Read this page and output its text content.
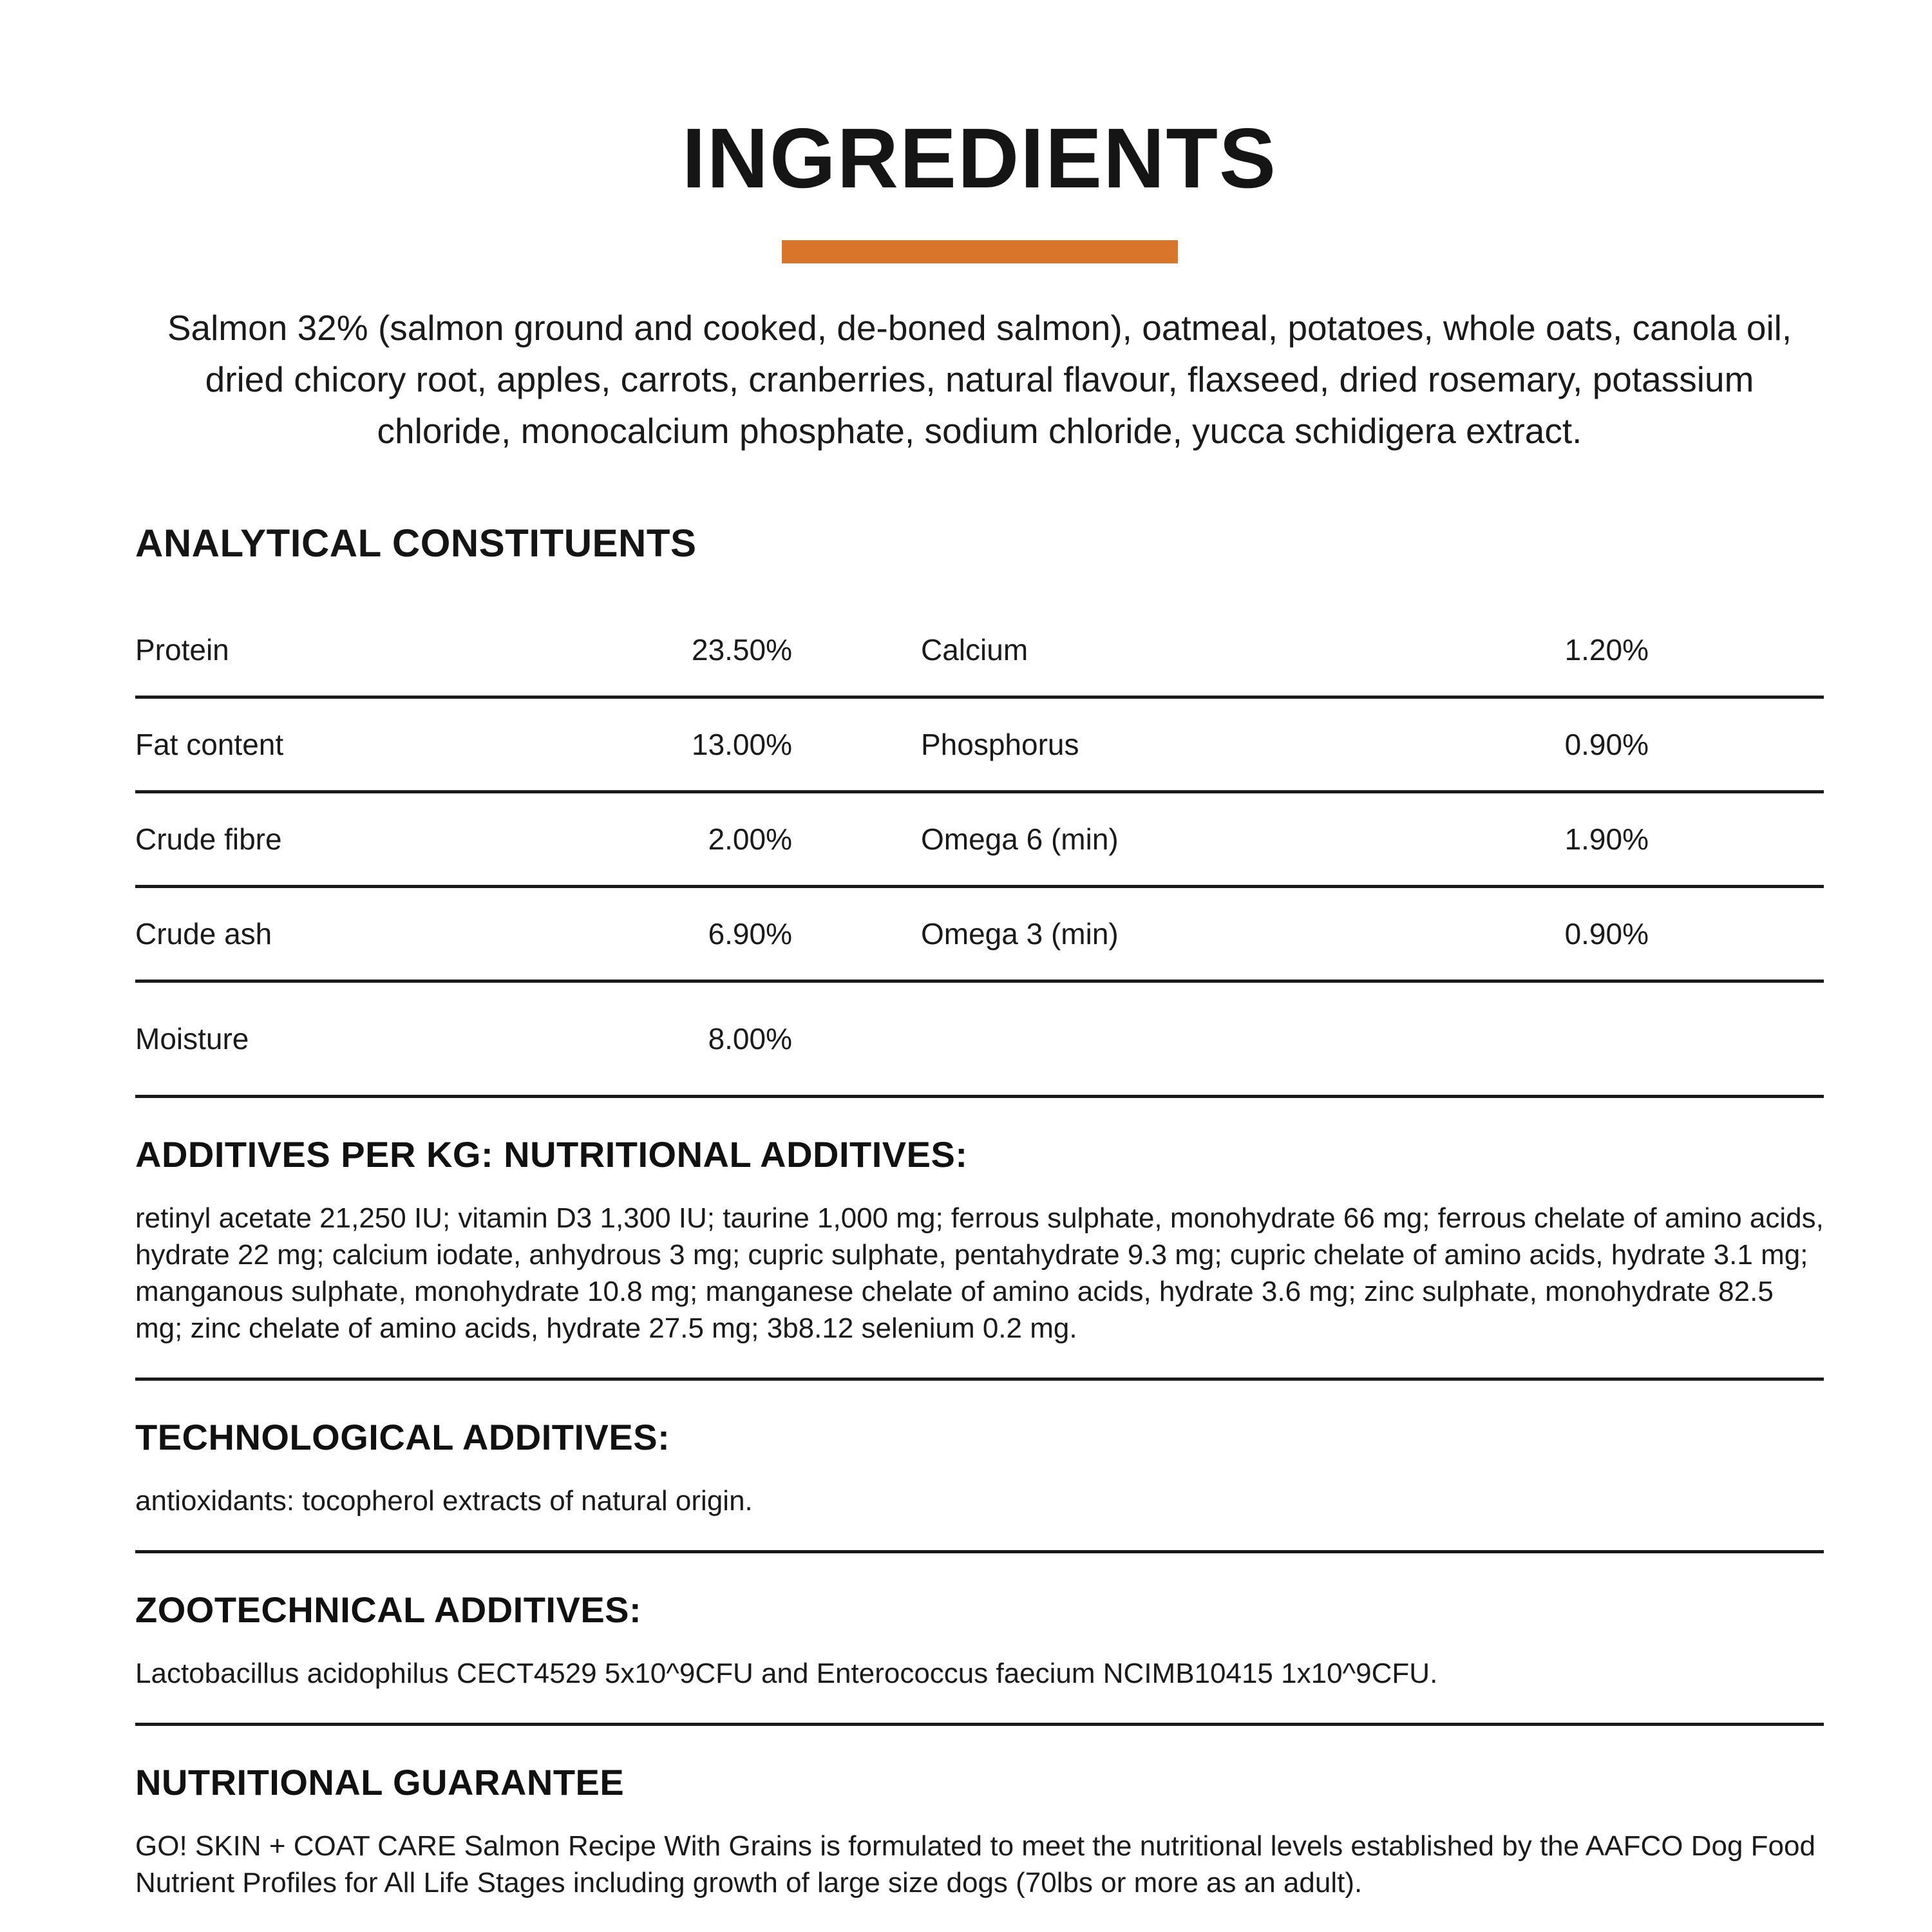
INGREDIENTS

Salmon 32% (salmon ground and cooked, de-boned salmon), oatmeal, potatoes, whole oats, canola oil, dried chicory root, apples, carrots, cranberries, natural flavour, flaxseed, dried rosemary, potassium chloride, monocalcium phosphate, sodium chloride, yucca schidigera extract.

ANALYTICAL CONSTITUENTS
Protein	23.50%	Calcium	1.20%
Fat content	13.00%	Phosphorus	0.90%
Crude fibre	2.00%	Omega 6 (min)	1.90%
Crude ash	6.90%	Omega 3 (min)	0.90%
Moisture	8.00%
ADDITIVES PER KG: NUTRITIONAL ADDITIVES:

retinyl acetate 21,250 IU; vitamin D3 1,300 IU; taurine 1,000 mg; ferrous sulphate, monohydrate 66 mg; ferrous chelate of amino acids, hydrate 22 mg; calcium iodate, anhydrous 3 mg; cupric sulphate, pentahydrate 9.3 mg; cupric chelate of amino acids, hydrate 3.1 mg; manganous sulphate, monohydrate 10.8 mg; manganese chelate of amino acids, hydrate 3.6 mg; zinc sulphate, monohydrate 82.5 mg; zinc chelate of amino acids, hydrate 27.5 mg; 3b8.12 selenium 0.2 mg.

TECHNOLOGICAL ADDITIVES:

antioxidants: tocopherol extracts of natural origin.

ZOOTECHNICAL ADDITIVES:

Lactobacillus acidophilus CECT4529 5x10^9CFU and Enterococcus faecium NCIMB10415 1x10^9CFU.

NUTRITIONAL GUARANTEE

GO! SKIN + COAT CARE Salmon Recipe With Grains is formulated to meet the nutritional levels established by the AAFCO Dog Food Nutrient Profiles for All Life Stages including growth of large size dogs (70lbs or more as an adult).
